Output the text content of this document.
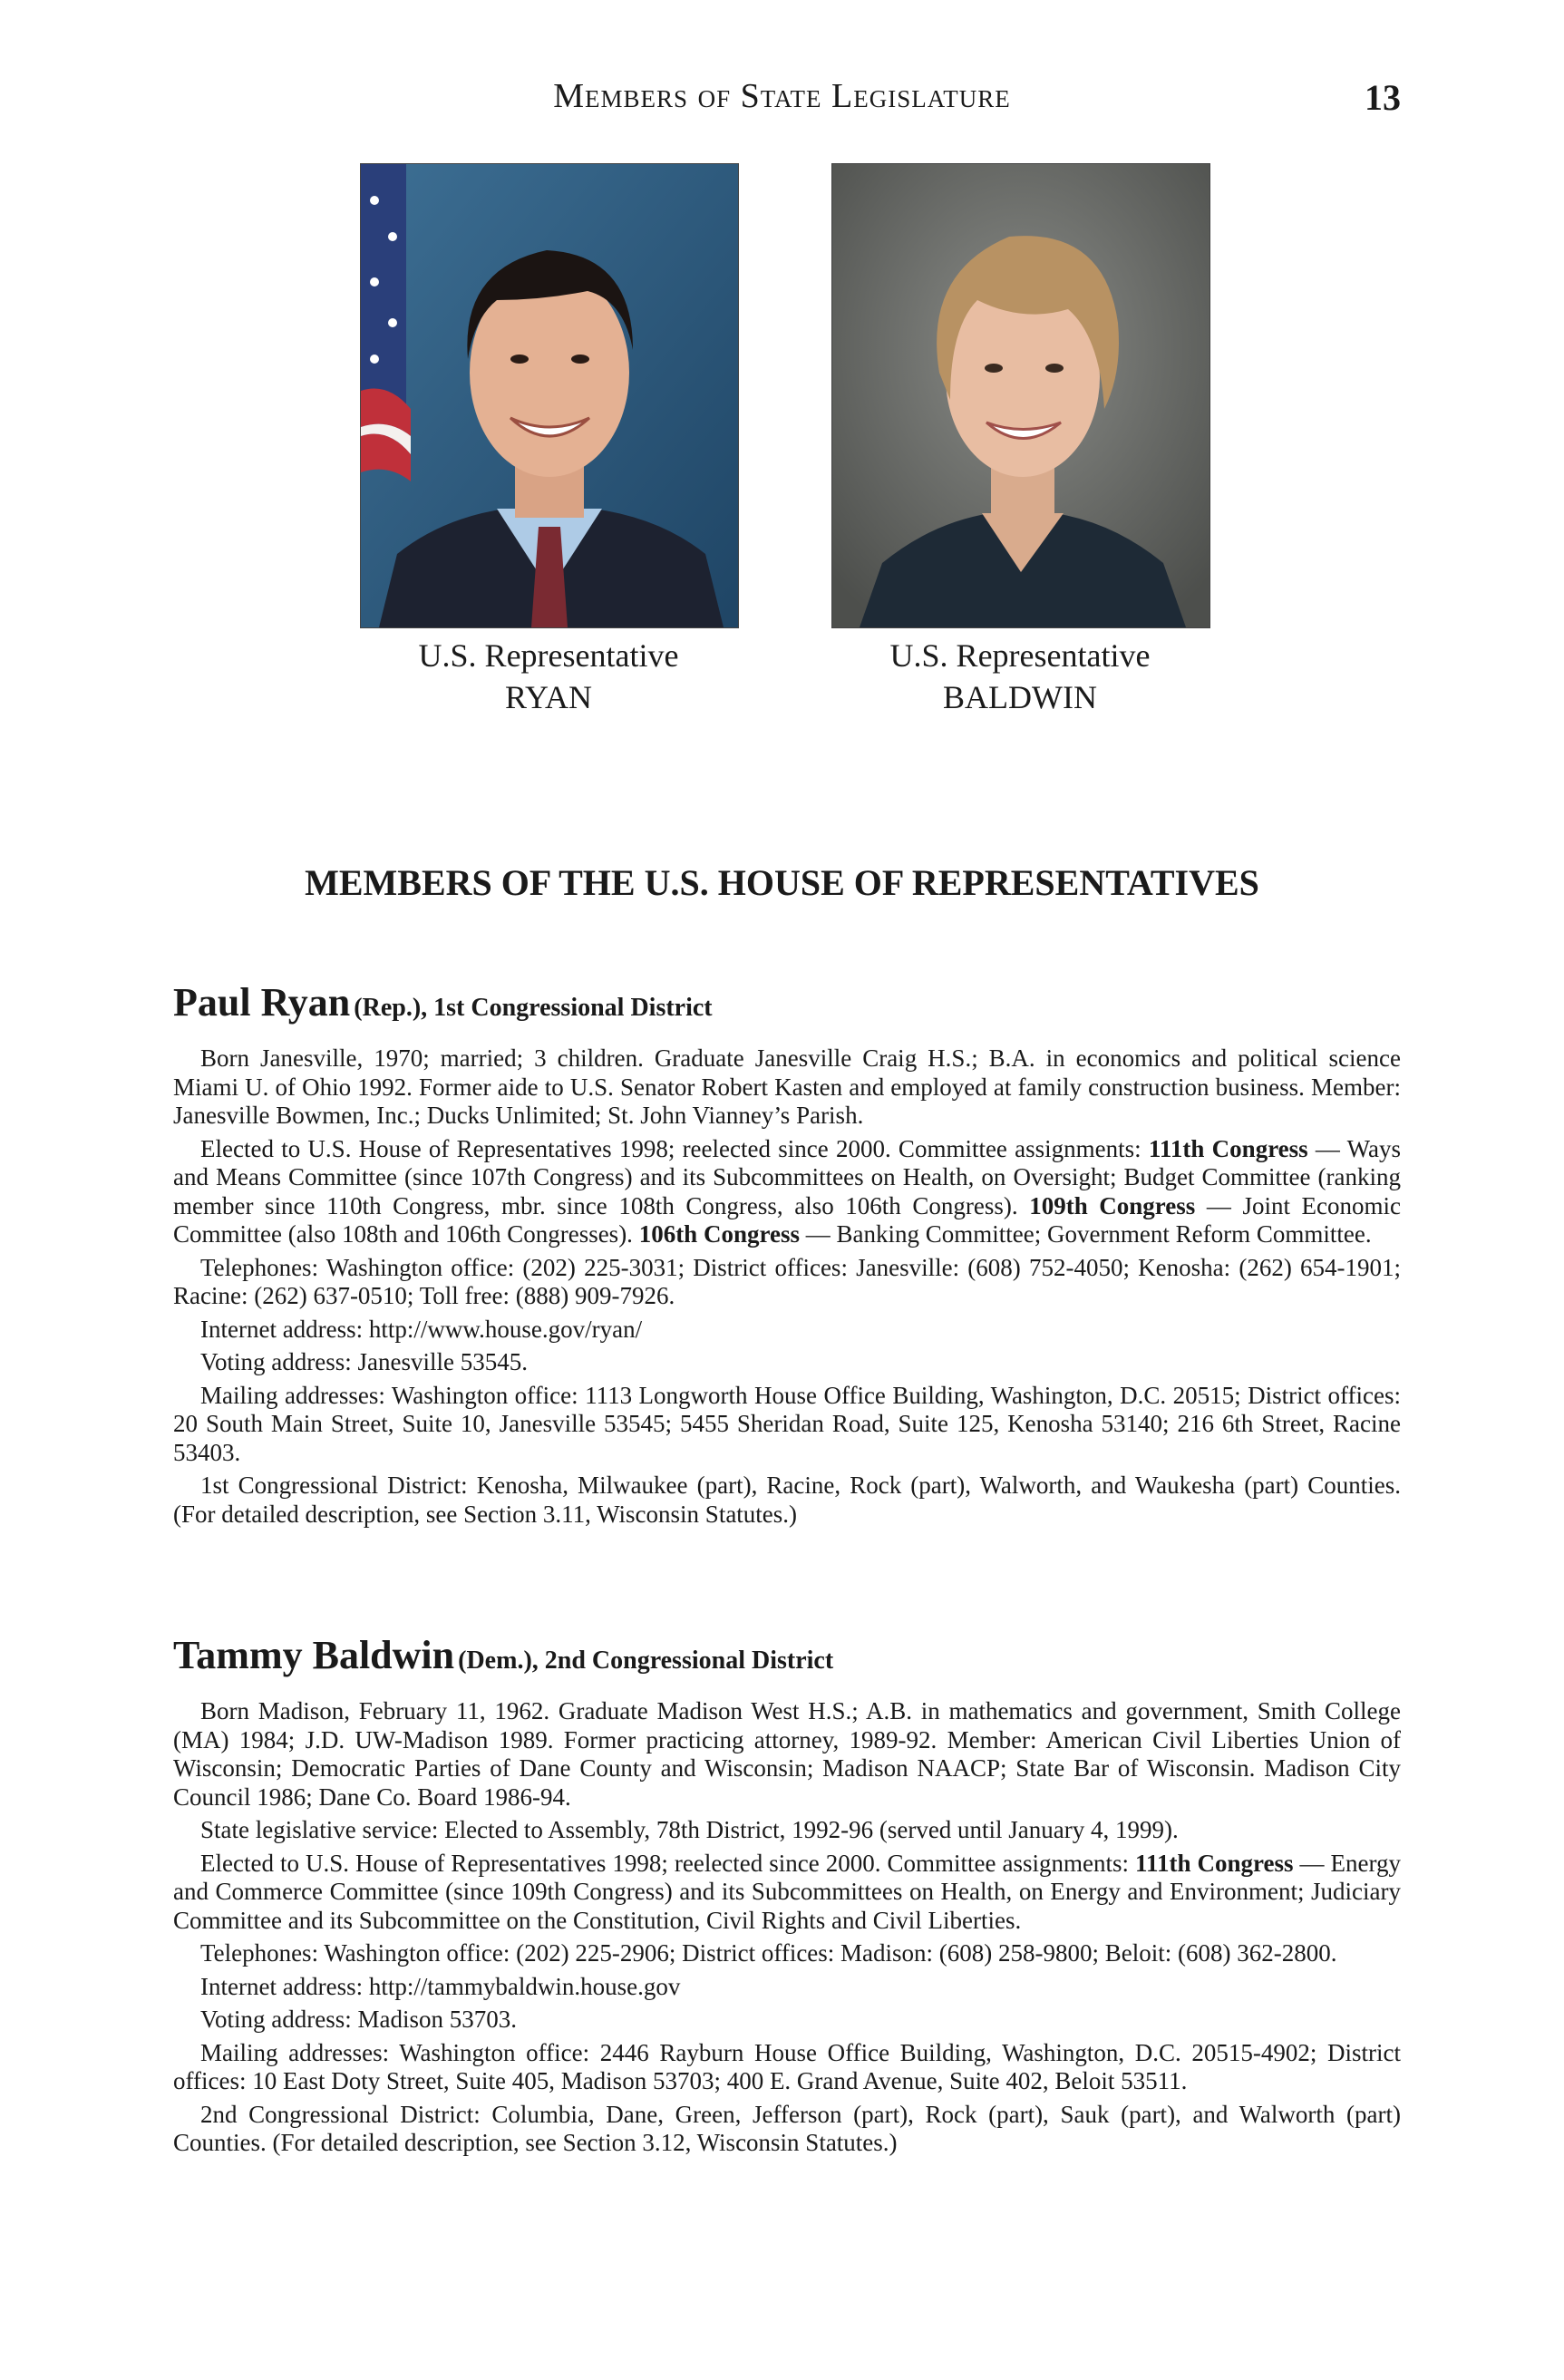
Members of State Legislature	13
U.S. Representative
RYAN
U.S. Representative
BALDWIN
MEMBERS OF THE U.S. HOUSE OF REPRESENTATIVES
Paul Ryan (Rep.), 1st Congressional District

Born Janesville, 1970; married; 3 children. Graduate Janesville Craig H.S.; B.A. in economics and political science Miami U. of Ohio 1992. Former aide to U.S. Senator Robert Kasten and employed at family construction business. Member: Janesville Bowmen, Inc.; Ducks Unlimited; St. John Vianney’s Parish.

Elected to U.S. House of Representatives 1998; reelected since 2000. Committee assignments: 111th Congress — Ways and Means Committee (since 107th Congress) and its Subcommittees on Health, on Oversight; Budget Committee (ranking member since 110th Congress, mbr. since 108th Congress, also 106th Congress). 109th Congress — Joint Economic Committee (also 108th and 106th Congresses). 106th Congress — Banking Committee; Government Reform Committee.

Telephones: Washington office: (202) 225-3031; District offices: Janesville: (608) 752-4050; Kenosha: (262) 654-1901; Racine: (262) 637-0510; Toll free: (888) 909-7926.

Internet address: http://www.house.gov/ryan/

Voting address: Janesville 53545.

Mailing addresses: Washington office: 1113 Longworth House Office Building, Washington, D.C. 20515; District offices: 20 South Main Street, Suite 10, Janesville 53545; 5455 Sheridan Road, Suite 125, Kenosha 53140; 216 6th Street, Racine 53403.

1st Congressional District: Kenosha, Milwaukee (part), Racine, Rock (part), Walworth, and Waukesha (part) Counties. (For detailed description, see Section 3.11, Wisconsin Statutes.)

Tammy Baldwin (Dem.), 2nd Congressional District

Born Madison, February 11, 1962. Graduate Madison West H.S.; A.B. in mathematics and government, Smith College (MA) 1984; J.D. UW-Madison 1989. Former practicing attorney, 1989-92. Member: American Civil Liberties Union of Wisconsin; Democratic Parties of Dane County and Wisconsin; Madison NAACP; State Bar of Wisconsin. Madison City Council 1986; Dane Co. Board 1986-94.

State legislative service: Elected to Assembly, 78th District, 1992-96 (served until January 4, 1999).

Elected to U.S. House of Representatives 1998; reelected since 2000. Committee assignments: 111th Congress — Energy and Commerce Committee (since 109th Congress) and its Subcommittees on Health, on Energy and Environment; Judiciary Committee and its Subcommittee on the Constitution, Civil Rights and Civil Liberties.

Telephones: Washington office: (202) 225-2906; District offices: Madison: (608) 258-9800; Beloit: (608) 362-2800.

Internet address: http://tammybaldwin.house.gov

Voting address: Madison 53703.

Mailing addresses: Washington office: 2446 Rayburn House Office Building, Washington, D.C. 20515-4902; District offices: 10 East Doty Street, Suite 405, Madison 53703; 400 E. Grand Avenue, Suite 402, Beloit 53511.

2nd Congressional District: Columbia, Dane, Green, Jefferson (part), Rock (part), Sauk (part), and Walworth (part) Counties. (For detailed description, see Section 3.12, Wisconsin Statutes.)
